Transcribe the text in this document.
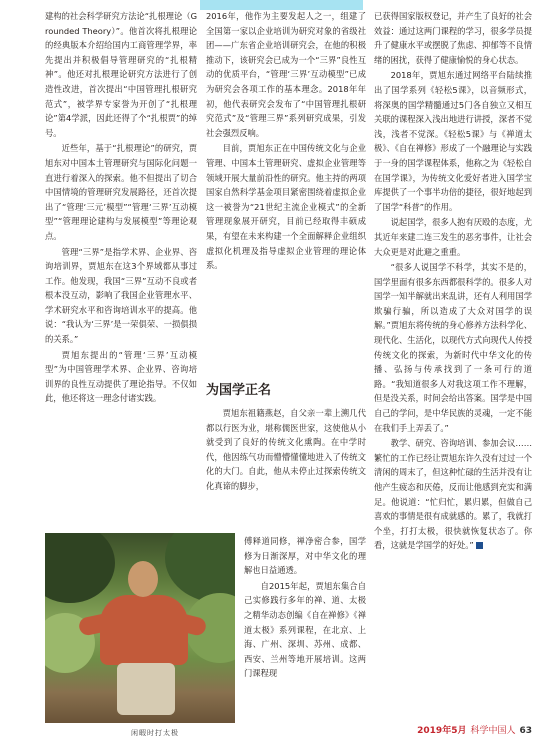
建构的社会科学研究方法论“扎根理论（Grounded Theory）”。他首次将扎根理论的经典版本介绍给国内工商管理学界，率先提出并积极倡导管理研究的“扎根精神”。他还对扎根理论研究方法进行了创造性改进，首次提出“中国管理扎根研究范式”，被学界专家誉为开创了“扎根理论”第4学派，因此还得了个“扎根贾”的绰号。

近些年，基于“扎根理论”的研究，贾旭东对中国本土管理研究与国际化问题一直进行着深入的探索。他不但提出了切合中国情境的管理研究发展路径，还首次提出了“管理‘三元’模型”“管理‘三界’互动模型”“管理理论建构与发展模型”等理论观点。

管理“三界”是指学术界、企业界、咨询培训界，贾旭东在这3个界域都从事过工作。他发现，我国“三界”互动不良或者根本没互动，影响了我国企业管理水平、学术研究水平和咨询培训水平的提高。他说：“我认为‘三界’是一荣俱荣、一损俱损的关系。”

贾旭东提出的“管理‘三界’互动模型”为中国管理学术界、企业界、咨询培训界的良性互动提供了理论指导。不仅如此，他还将这一理念付诸实践。

2016年，他作为主要发起人之一，组建了全国第一家以企业培训为研究对象的省级社团——广东省企业培训研究会，在他的积极推动下，该研究会已成为一个“三界”良性互动的优质平台，“管理‘三界’互动模型”已成为研究会各项工作的基本理念。2018年年初，他代表研究会发布了“中国管理扎根研究范式”及“管理三界”系列研究成果，引发社会强烈反响。

目前，贾旭东正在中国传统文化与企业管理、中国本土管理研究、虚拟企业管理等领域开展大量前沿性的研究。他主持的两项国家自然科学基金项目紧密围绕着虚拟企业这一被誉为“21世纪主流企业模式”的全新管理现象展开研究，目前已经取得丰硕成果，有望在未来构建一个全面解释企业组织虚拟化机理及指导虚拟企业管理的理论体系。

为国学正名

贾旭东祖籍燕赵，自父亲一辈上溯几代都以行医为业，堪称儒医世家，这使他从小就受到了良好的传统文化熏陶。在中学时代，他因练气功而懵懵懂懂地进入了传统文化的大门。自此，他从未停止过探索传统文化真谛的脚步，

傅释道同修，禅净密合参，国学修为日渐深厚，对中华文化的理解也日益通透。

自2015年起，贾旭东集合自己实修践行多年的禅、道、太极之精华动态创编《自在禅修》《禅道太极》系列课程，在北京、上海、广州、深圳、苏州、成都、西安、兰州等地开展培训。这两门课程现

已获得国家版权登记，并产生了良好的社会效益：通过这两门课程的学习，很多学员提升了健康水平或摆脱了焦虑、抑郁等不良情绪的困扰，获得了健康愉悦的身心状态。

2018年，贾旭东通过网络平台陆续推出了国学系列《轻松5课》，以音频形式，将深奥的国学精髓通过5门各自独立又相互关联的课程深入浅出地进行讲授，深者不觉浅，浅者不觉深。《轻松5课》与《禅道太极》、《自在禅修》形成了一个融理论与实践于一身的国学课程体系，他称之为《轻松自在国学课》，为传统文化爱好者进入国学宝库提供了一个事半功倍的捷径，很好地起到了国学“科普”的作用。

说起国学，很多人抱有厌殴的态度，尤其近年来建二连三发生的恶劣事件，让社会大众更是对此避之重重。

“很多人说国学不科学，其实不是的，国学里面有很多东西都很科学的。很多人对国学一知半解就出来乱讲，还有人利用国学欺骗行骗，所以造成了大众对国学的误解。”贾旭东将传统的身心修养方法科学化、现代化、生活化，以现代方式向现代人传授传统文化的探索，为新时代中华文化的传播、弘扬与传承找到了一条可行的道路。“我知道很多人对我这项工作不理解，但是没关系，时间会给出答案。国学是中国自己的学问，是中华民族的灵魂，一定不能在我们手上弄丢了。”

教学、研究、咨询培训、参加会议……繁忙的工作已经让贾旭东许久没有过过一个清闲的周末了，但这种忙碌的生活并没有让他产生疲态和厌倦，反而让他感到充实和满足。他说道：“忙归忙，累归累，但做自己喜欢的事情是很有成就感的。累了，我就打个坐，打打太极，很快就恢复状态了。你看，这就是学国学的好处。”

闲暇时打太极	2019年5月 科学中国人 63
